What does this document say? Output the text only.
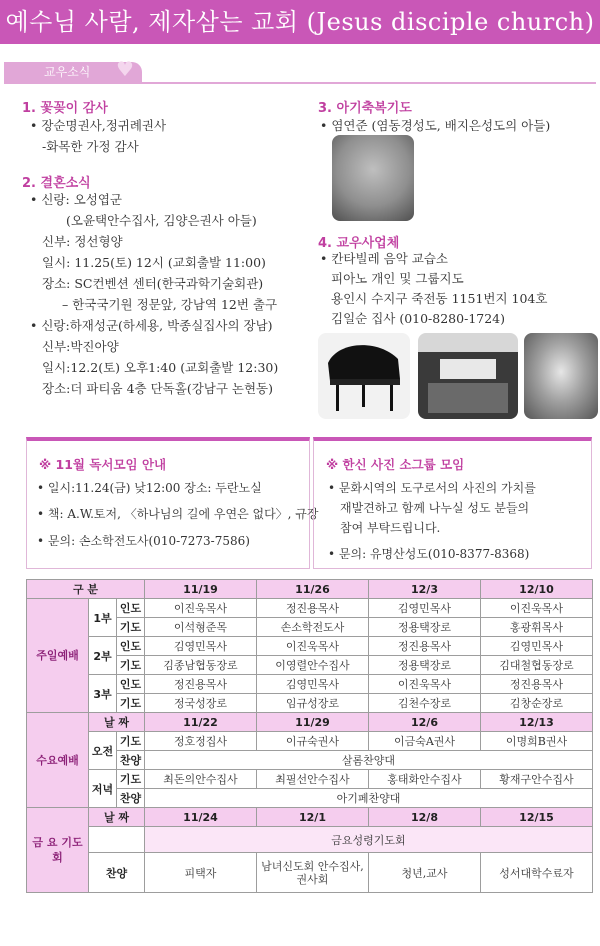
예수님 사람, 제자삼는 교회 (Jesus disciple church)
교우소식 ♥
1. 꽃꽂이 감사
• 장순명권사,정귀례권사
-화목한 가정 감사
2. 결혼소식
• 신랑: 오성엽군
(오윤택안수집사, 김양은권사 아들)
신부: 정선형양
일시: 11.25(토) 12시 (교회출발 11:00)
장소: SC컨벤션 센터(한국과학기술회관)
– 한국국기원 정문앞, 강남역 12번 출구
• 신랑:하재성군(하세용, 박종실집사의 장남)
신부:박진아양
일시:12.2(토) 오후1:40 (교회출발 12:30)
장소:더 파티움 4층 단독홀(강남구 논현동)
3. 아기축복기도
• 염연준 (염동경성도, 배지은성도의 아들)
4. 교우사업체
• 칸타빌레 음악 교습소
피아노 개인 및 그룹지도
용인시 수지구 죽전동 1151번지 104호
김일순 집사 (010-8280-1724)
※ 11월 독서모임 안내
• 일시:11.24(금) 낮12:00 장소: 두란노실
• 책: A.W.토저, 〈하나님의 길에 우연은 없다〉, 규장
• 문의: 손소학전도사(010-7273-7586)
※ 한신 사진 소그룹 모임
• 문화시역의 도구로서의 사진의 가치를
재발견하고 함께 나누실 성도 분들의
참여 부탁드립니다.
• 문의: 유명산성도(010-8377-8368)
구 분			11/19	11/26	12/3	12/10
주일예배	1부	인도	이진욱목사	정진용목사	김영민목사	이진욱목사
		기도	이석형준목	손소학전도사	정용택장로	홍광휘목사
	2부	인도	김영민목사	이진욱목사	정진용목사	김영민목사
		기도	김종남협동장로	이영렬안수집사	정용택장로	김대철협동장로
	3부	인도	정진용목사	김영민목사	이진욱목사	정진용목사
		기도	정국성장로	임규성장로	김천수장로	김창순장로
수요예배	날 짜		11/22	11/29	12/6	12/13
	오전	기도	정호정집사	이규숙권사	이금숙A권사	이명희B권사
		찬양	살롬찬양대			
	저녁	기도	최돈의안수집사	최필선안수집사	홍태화안수집사	황재구안수집사
		찬양	아기페찬양대			
금 요 기도회	날 짜		11/24	12/1	12/8	12/15
			금요성령기도회			
	찬양		피택자	남녀신도회 안수집사, 권사회	청년,교사	성서대학수료자
